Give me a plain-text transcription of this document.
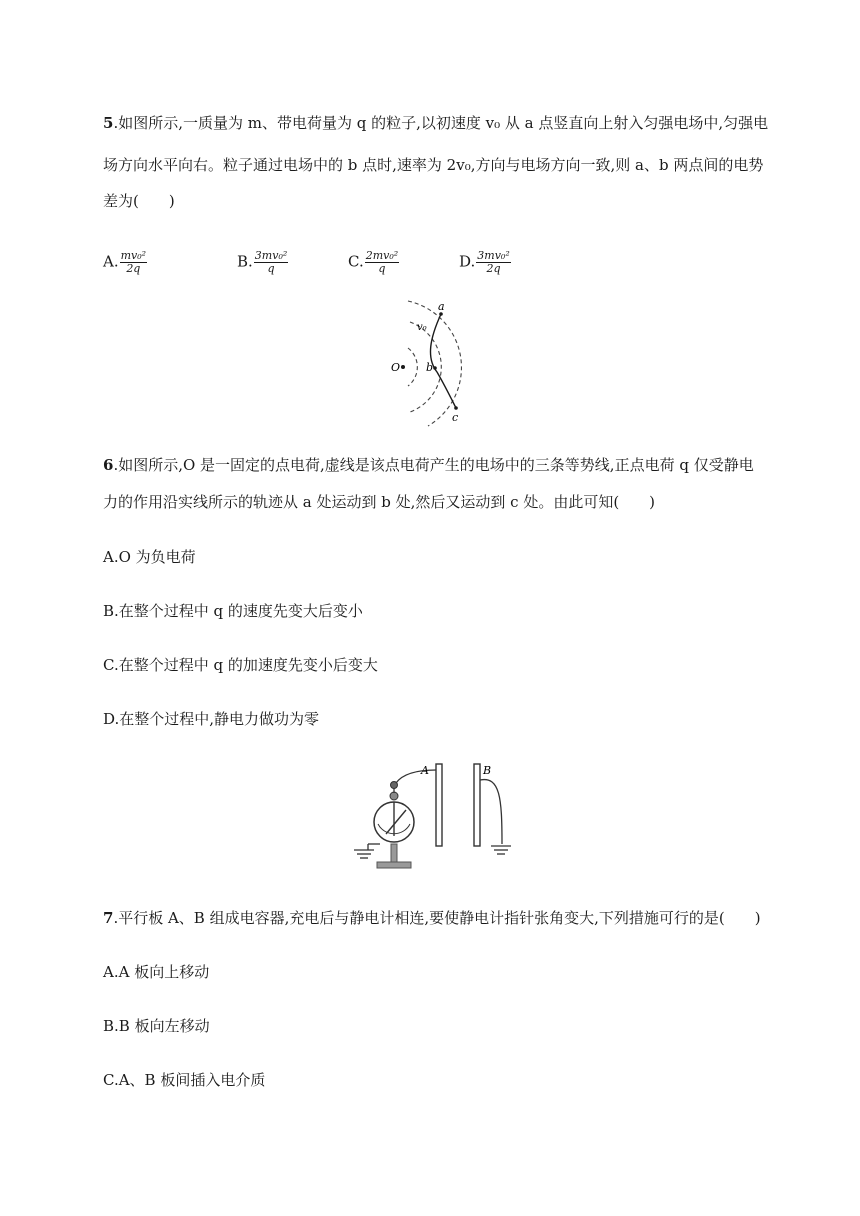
5.如图所示,一质量为 m、带电荷量为 q 的粒子,以初速度 v₀ 从 a 点竖直向上射入匀强电场中,匀强电
场方向水平向右。粒子通过电场中的 b 点时,速率为 2v₀,方向与电场方向一致,则 a、b 两点间的电势
差为(　　)
A. $\frac{\text{mv₀²}}{2q}$	B. $\frac{\text{3mv₀²}}{q}$	C. $\frac{\text{2mv₀²}}{q}$	D. $\frac{\text{3mv₀²}}{2q}$
a
v₀
O b
c
6.如图所示,O 是一固定的点电荷,虚线是该点电荷产生的电场中的三条等势线,正点电荷 q 仅受静电
力的作用沿实线所示的轨迹从 a 处运动到 b 处,然后又运动到 c 处。由此可知(　　)
A.O 为负电荷
B.在整个过程中 q 的速度先变大后变小
C.在整个过程中 q 的加速度先变小后变大
D.在整个过程中,静电力做功为零
A	B
7.平行板 A、B 组成电容器,充电后与静电计相连,要使静电计指针张角变大,下列措施可行的是(　　)
A.A 板向上移动
B.B 板向左移动
C.A、B 板间插入电介质
